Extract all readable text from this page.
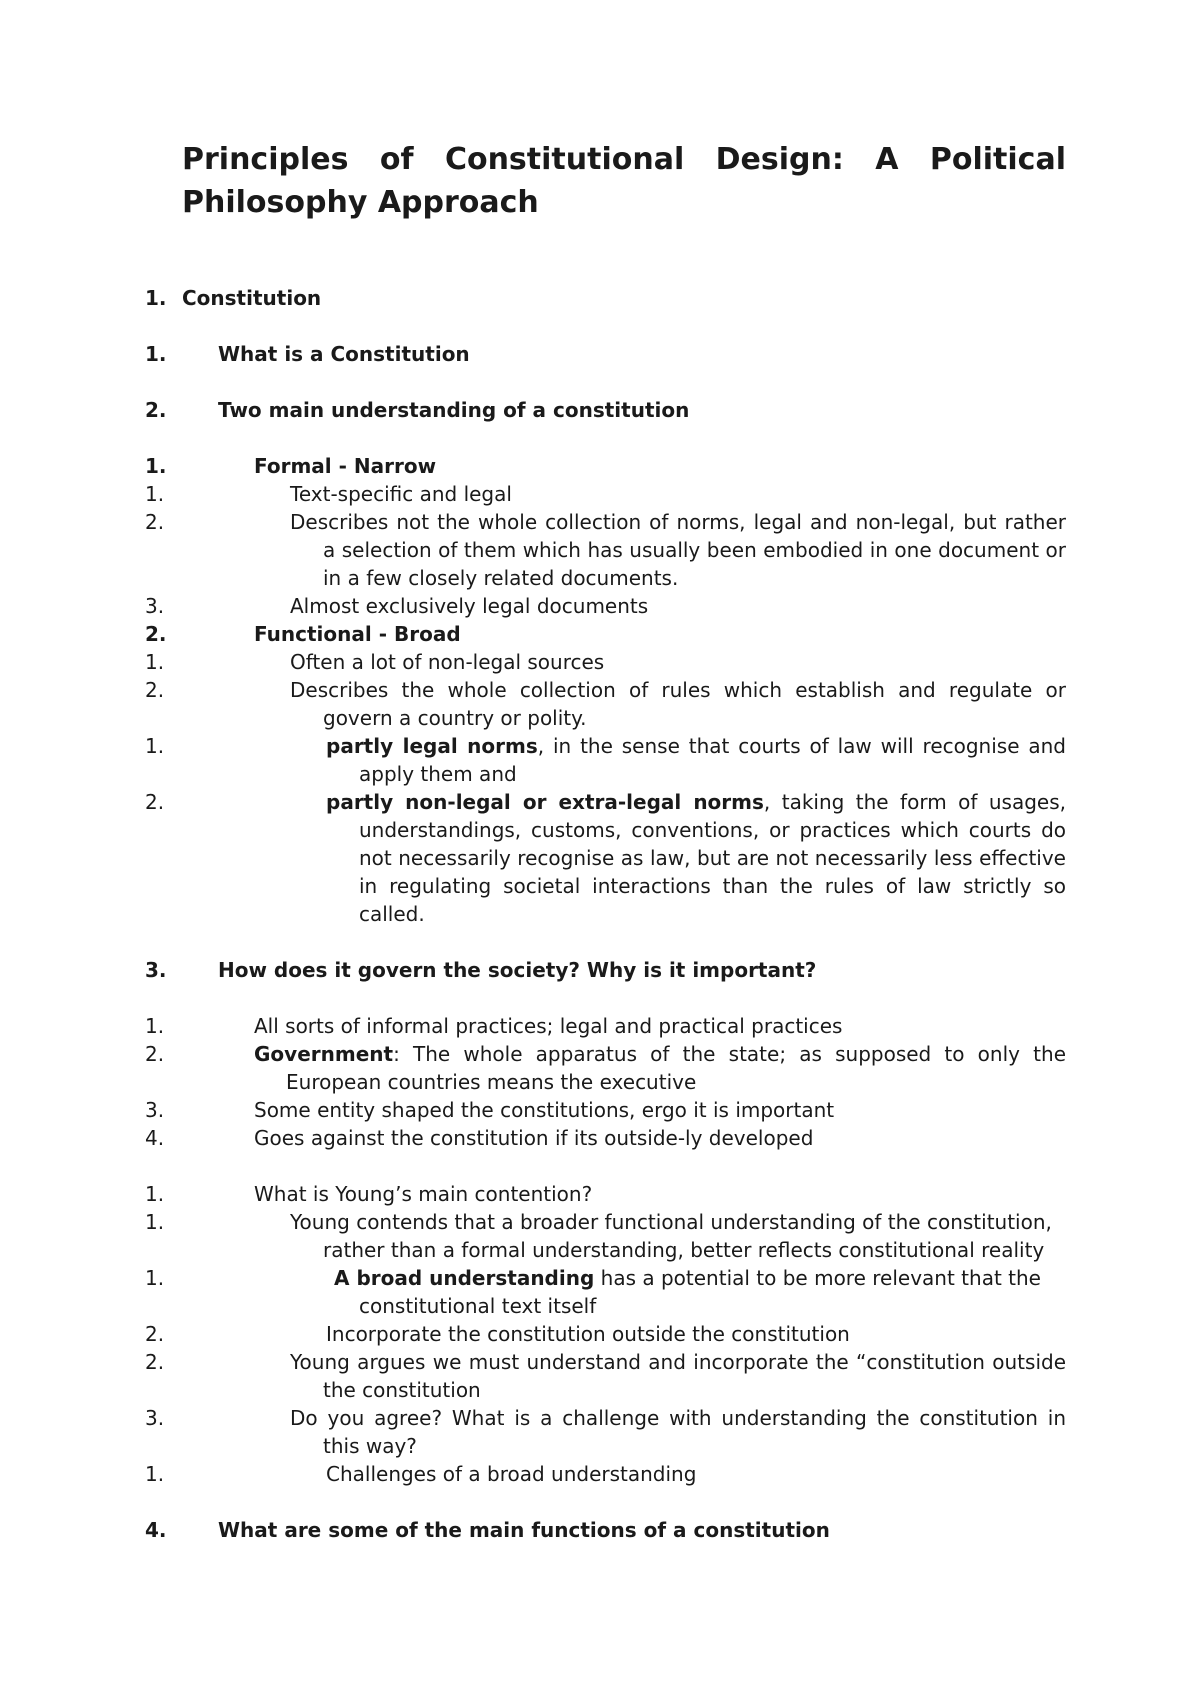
Principles of Constitutional Design: A Political Philosophy Approach
1. Constitution
1.	What is a Constitution
2.	Two main understanding of a constitution
1.	Formal - Narrow
1.	Text-specific and legal
2.	Describes not the whole collection of norms, legal and non-legal, but rather a selection of them which has usually been embodied in one document or in a few closely related documents.
3.	Almost exclusively legal documents
2.	Functional - Broad
1.	Often a lot of non-legal sources
2.	Describes the whole collection of rules which establish and regulate or govern a country or polity.
1.	partly legal norms, in the sense that courts of law will recognise and apply them and
2.	partly non-legal or extra-legal norms, taking the form of usages, understandings, customs, conventions, or practices which courts do not necessarily recognise as law, but are not necessarily less effective in regulating societal interactions than the rules of law strictly so called.
3.	How does it govern the society? Why is it important?
1.	All sorts of informal practices; legal and practical practices
2.	Government: The whole apparatus of the state; as supposed to only the European countries means the executive
3.	Some entity shaped the constitutions, ergo it is important
4.	Goes against the constitution if its outside-ly developed
1.	What is Young’s main contention?
1.	Young contends that a broader functional understanding of the constitution, rather than a formal understanding, better reflects constitutional reality
1.	A broad understanding has a potential to be more relevant that the constitutional text itself
2.	Incorporate the constitution outside the constitution
2.	Young argues we must understand and incorporate the “constitution outside the constitution
3.	Do you agree? What is a challenge with understanding the constitution in this way?
1.	Challenges of a broad understanding
4.	What are some of the main functions of a constitution
